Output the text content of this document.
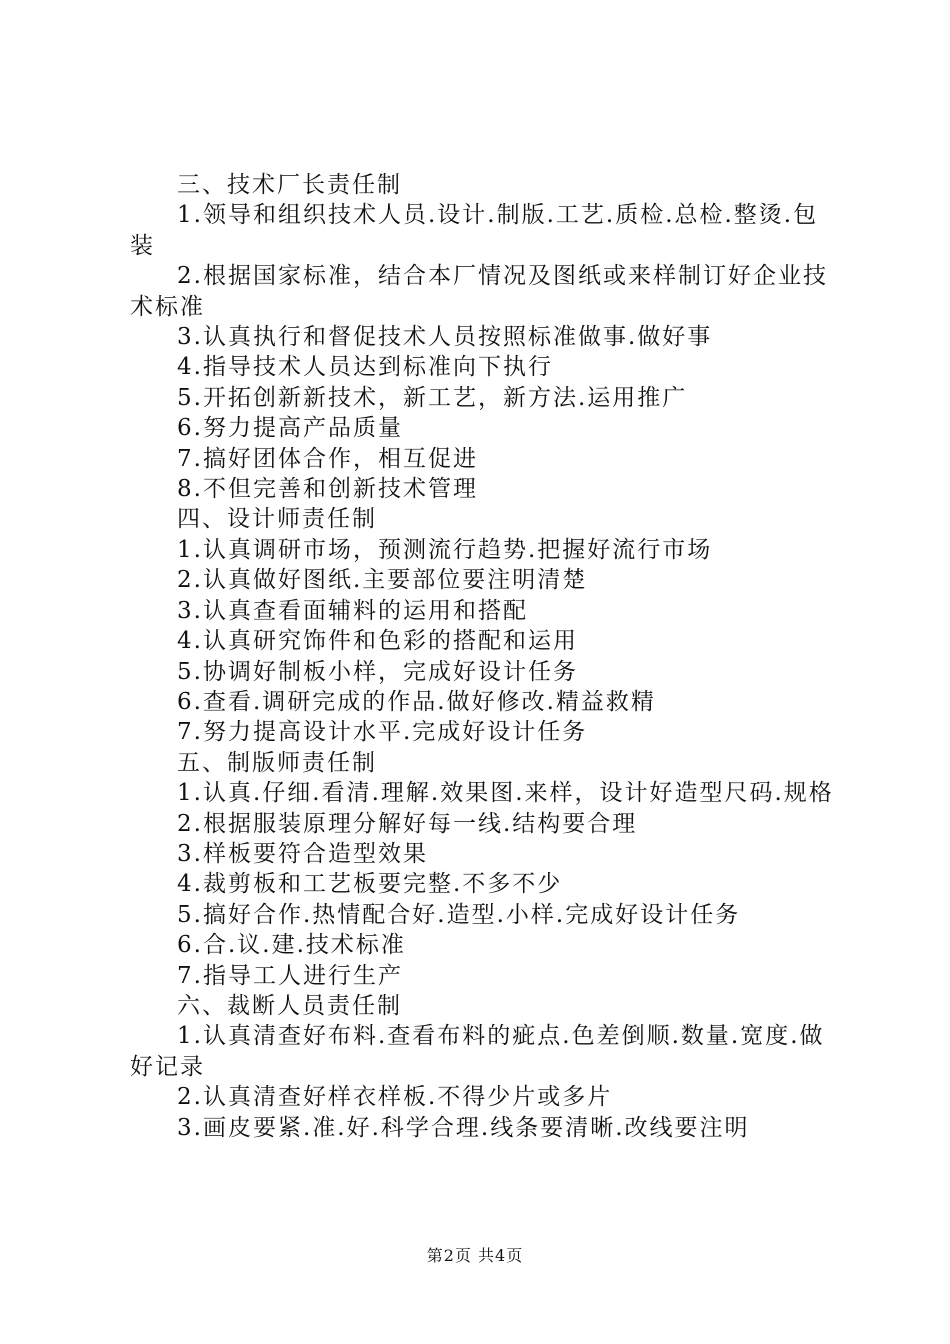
三、技术厂长责任制
1.领导和组织技术人员.设计.制版.工艺.质检.总检.整烫.包装
2.根据国家标准，结合本厂情况及图纸或来样制订好企业技术标准
3.认真执行和督促技术人员按照标准做事.做好事
4.指导技术人员达到标准向下执行
5.开拓创新新技术，新工艺，新方法.运用推广
6.努力提高产品质量
7.搞好团体合作，相互促进
8.不但完善和创新技术管理
四、设计师责任制
1.认真调研市场，预测流行趋势.把握好流行市场
2.认真做好图纸.主要部位要注明清楚
3.认真查看面辅料的运用和搭配
4.认真研究饰件和色彩的搭配和运用
5.协调好制板小样，完成好设计任务
6.查看.调研完成的作品.做好修改.精益救精
7.努力提高设计水平.完成好设计任务
五、制版师责任制
1.认真.仔细.看清.理解.效果图.来样，设计好造型尺码.规格
2.根据服装原理分解好每一线.结构要合理
3.样板要符合造型效果
4.裁剪板和工艺板要完整.不多不少
5.搞好合作.热情配合好.造型.小样.完成好设计任务
6.合.议.建.技术标准
7.指导工人进行生产
六、裁断人员责任制
1.认真清查好布料.查看布料的疵点.色差倒顺.数量.宽度.做好记录
2.认真清查好样衣样板.不得少片或多片
3.画皮要紧.准.好.科学合理.线条要清晰.改线要注明
第2页 共4页
